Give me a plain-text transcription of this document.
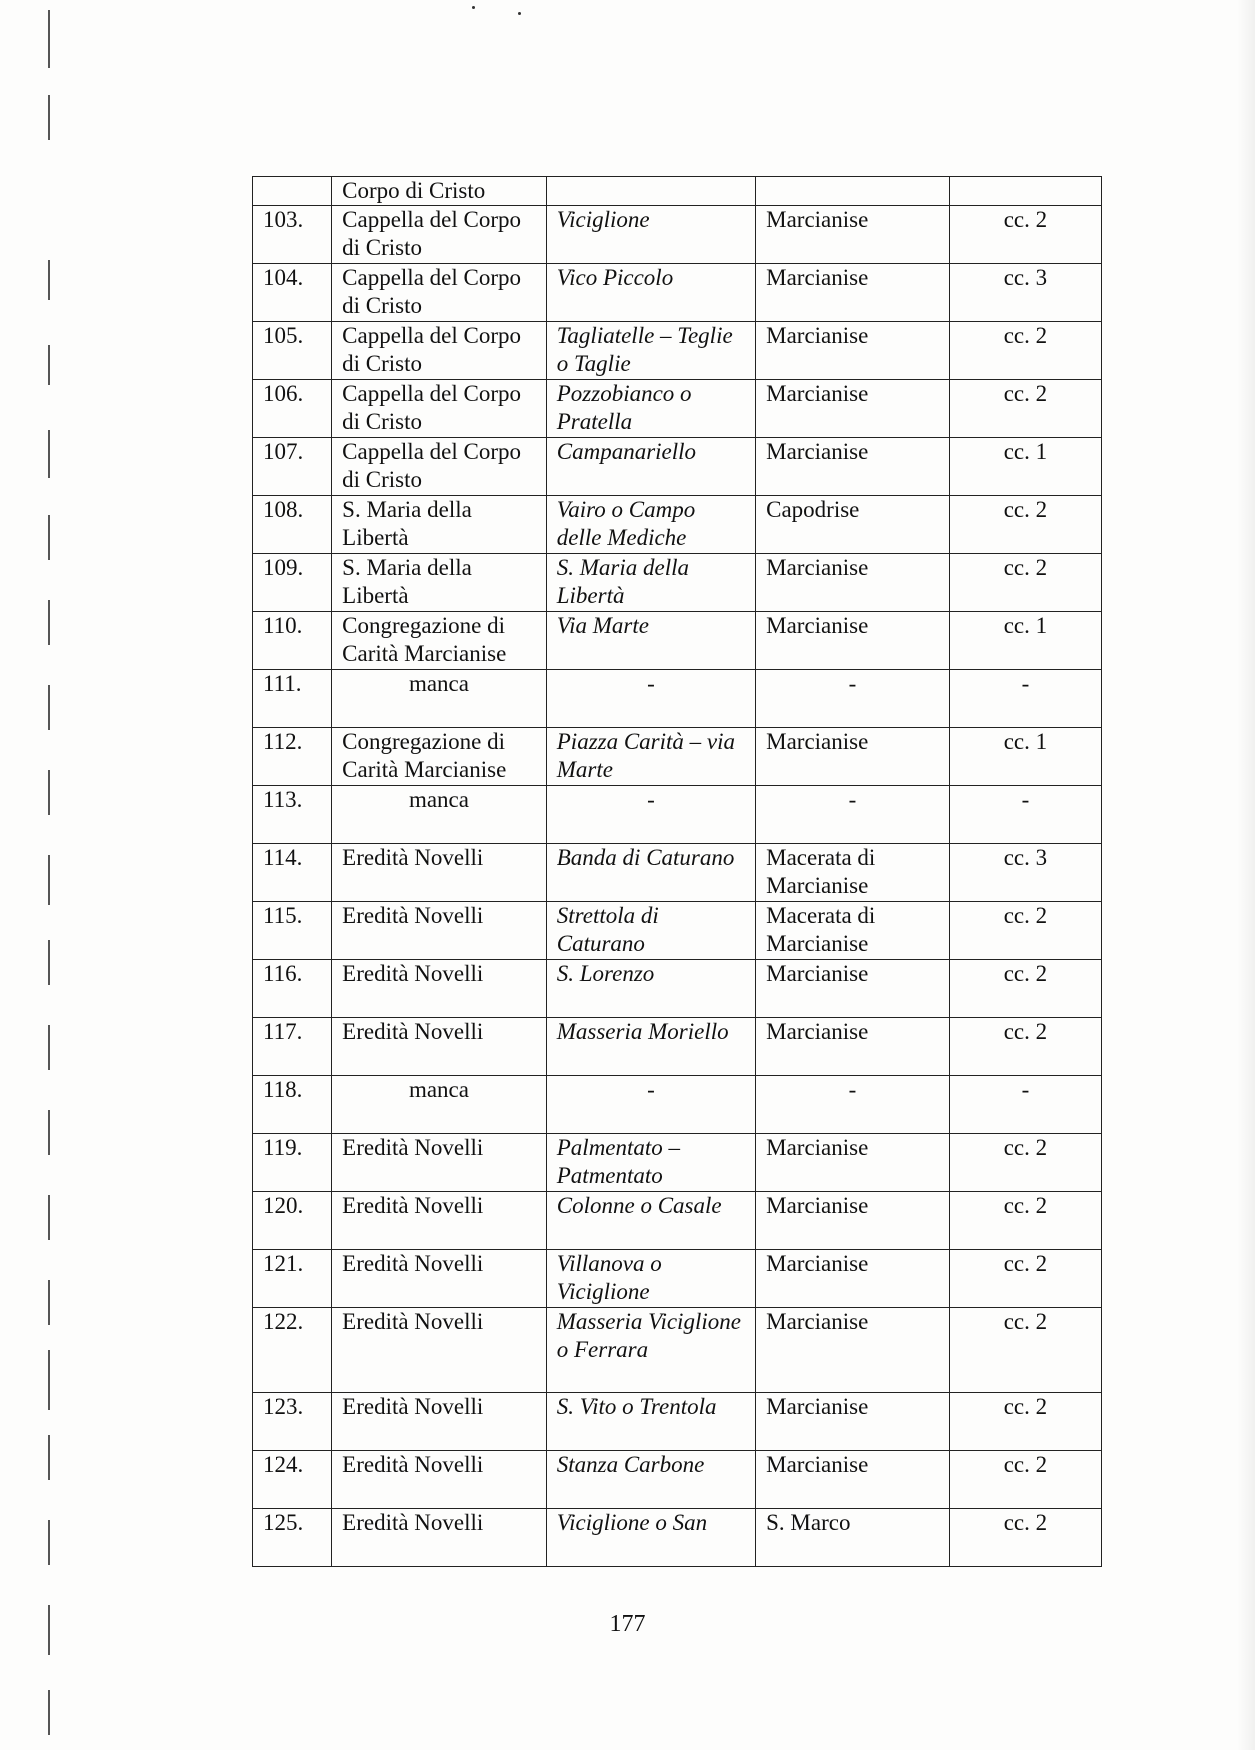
	Corpo di Cristo			
103.	Cappella del Corpo di Cristo	Viciglione	Marcianise	cc. 2
104.	Cappella del Corpo di Cristo	Vico Piccolo	Marcianise	cc. 3
105.	Cappella del Corpo di Cristo	Tagliatelle – Teglie o Taglie	Marcianise	cc. 2
106.	Cappella del Corpo di Cristo	Pozzobianco o Pratella	Marcianise	cc. 2
107.	Cappella del Corpo di Cristo	Campanariello	Marcianise	cc. 1
108.	S. Maria della Libertà	Vairo o Campo delle Mediche	Capodrise	cc. 2
109.	S. Maria della Libertà	S. Maria della Libertà	Marcianise	cc. 2
110.	Congregazione di Carità Marcianise	Via Marte	Marcianise	cc. 1
111.	manca	-	-	-
112.	Congregazione di Carità Marcianise	Piazza Carità – via Marte	Marcianise	cc. 1
113.	manca	-	-	-
114.	Eredità Novelli	Banda di Caturano	Macerata di Marcianise	cc. 3
115.	Eredità Novelli	Strettola di Caturano	Macerata di Marcianise	cc. 2
116.	Eredità Novelli	S. Lorenzo	Marcianise	cc. 2
117.	Eredità Novelli	Masseria Moriello	Marcianise	cc. 2
118.	manca	-	-	-
119.	Eredità Novelli	Palmentato – Patmentato	Marcianise	cc. 2
120.	Eredità Novelli	Colonne o Casale	Marcianise	cc. 2
121.	Eredità Novelli	Villanova o Viciglione	Marcianise	cc. 2
122.	Eredità Novelli	Masseria Viciglione o Ferrara	Marcianise	cc. 2
123.	Eredità Novelli	S. Vito o Trentola	Marcianise	cc. 2
124.	Eredità Novelli	Stanza Carbone	Marcianise	cc. 2
125.	Eredità Novelli	Viciglione o San	S. Marco	cc. 2
177
